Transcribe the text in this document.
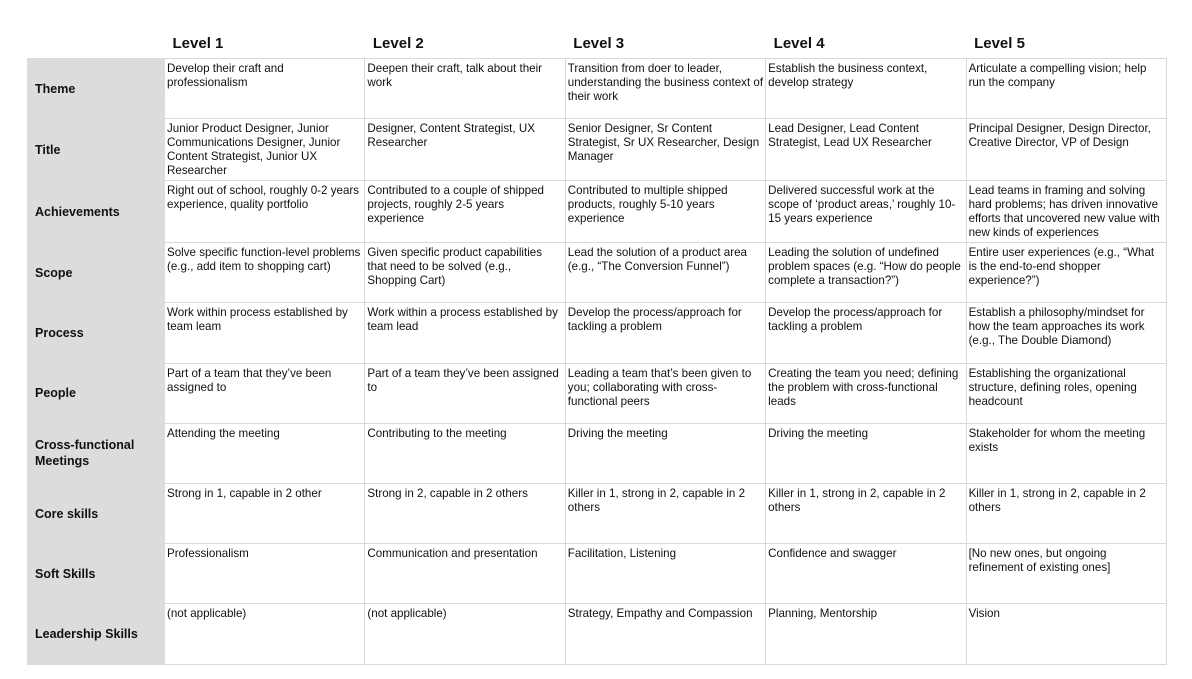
	Level 1	Level 2	Level 3	Level 4	Level 5
Theme	Develop their craft and professionalism	Deepen their craft, talk about their work	Transition from doer to leader, understanding the business context of their work	Establish the business context, develop strategy	Articulate a compelling vision; help run the company
Title	Junior Product Designer, Junior Communications Designer, Junior Content Strategist, Junior UX Researcher	Designer, Content Strategist, UX Researcher	Senior Designer, Sr Content Strategist, Sr UX Researcher, Design Manager	Lead Designer, Lead Content Strategist, Lead UX Researcher	Principal Designer, Design Director, Creative Director, VP of Design
Achievements	Right out of school, roughly 0-2 years experience, quality portfolio	Contributed to a couple of shipped projects, roughly 2-5 years experience	Contributed to multiple shipped products, roughly 5-10 years experience	Delivered successful work at the scope of ‘product areas,’ roughly 10-15 years experience	Lead teams in framing and solving hard problems; has driven innovative efforts that uncovered new value with new kinds of experiences
Scope	Solve specific function-level problems (e.g., add item to shopping cart)	Given specific product capabilities that need to be solved (e.g., Shopping Cart)	Lead the solution of a product area (e.g., “The Conversion Funnel”)	Leading the solution of undefined problem spaces (e.g. “How do people complete a transaction?”)	Entire user experiences (e.g., “What is the end-to-end shopper experience?”)
Process	Work within process established by team leam	Work within a process established by team lead	Develop the process/approach for tackling a problem	Develop the process/approach for tackling a problem	Establish a philosophy/mindset for how the team approaches its work (e.g., The Double Diamond)
People	Part of a team that they’ve been assigned to	Part of a team they’ve been assigned to	Leading a team that’s been given to you; collaborating with cross-functional peers	Creating the team you need; defining the problem with cross-functional leads	Establishing the organizational structure, defining roles, opening headcount
Cross-functional Meetings	Attending the meeting	Contributing to the meeting	Driving the meeting	Driving the meeting	Stakeholder for whom the meeting exists
Core skills	Strong in 1, capable in 2 other	Strong in 2, capable in 2 others	Killer in 1, strong in 2, capable in 2 others	Killer in 1, strong in 2, capable in 2 others	Killer in 1, strong in 2, capable in 2 others
Soft Skills	Professionalism	Communication and presentation	Facilitation, Listening	Confidence and swagger	[No new ones, but ongoing refinement of existing ones]
Leadership Skills	(not applicable)	(not applicable)	Strategy, Empathy and Compassion	Planning, Mentorship	Vision
